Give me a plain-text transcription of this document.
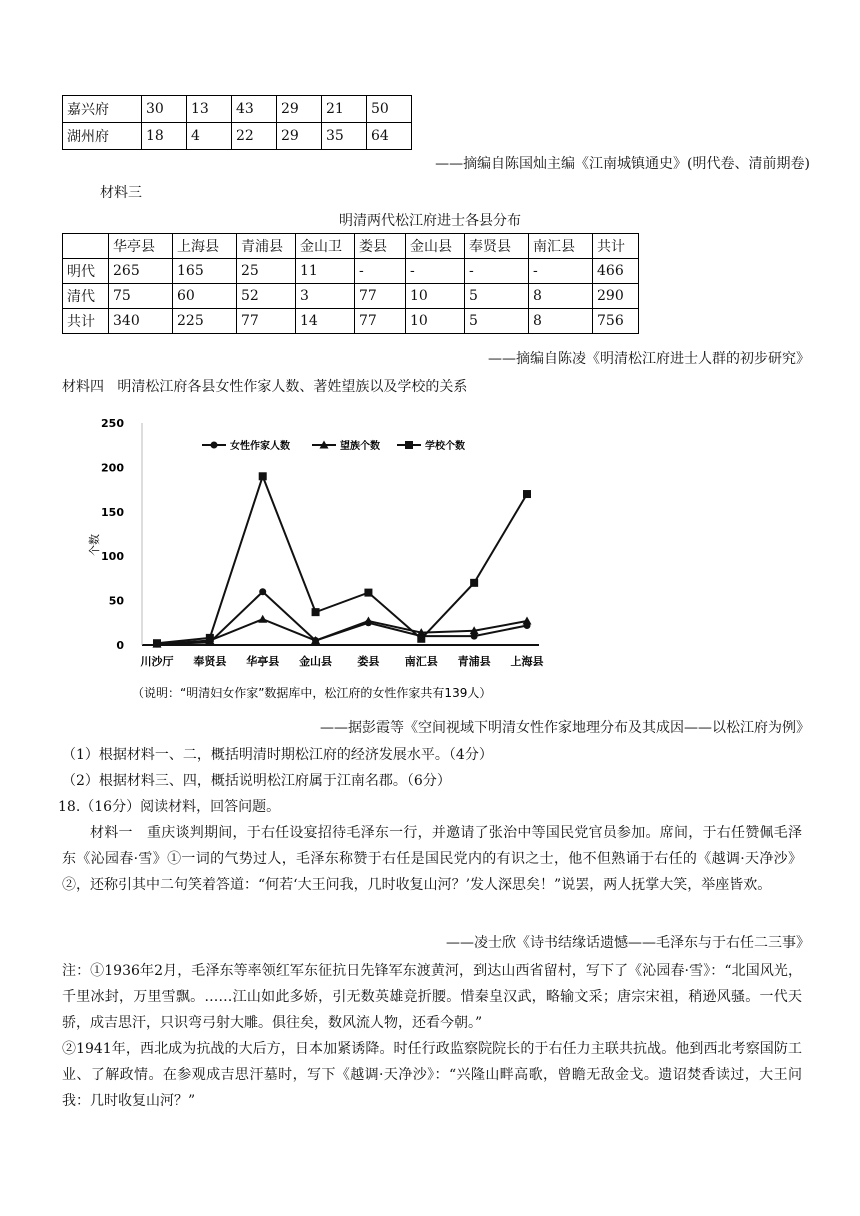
嘉兴府	30	13	43	29	21	50
湖州府	18	4	22	29	35	64
——摘编自陈国灿主编《江南城镇通史》(明代卷、清前期卷)
材料三
明清两代松江府进士各县分布
	华亭县	上海县	青浦县	金山卫	娄县	金山县	奉贤县	南汇县	共计
明代	265	165	25	11	-	-	-	-	466
清代	75	60	52	3	77	10	5	8	290
共计	340	225	77	14	77	10	5	8	756
——摘编自陈凌《明清松江府进士人群的初步研究》
材料四 明清松江府各县女性作家人数、著姓望族以及学校的关系
0
50
100
150
200
250
川沙厅 奉贤县 华亭县 金山县 娄县 南汇县 青浦县 上海县
女性作家人数	望族个数	学校个数
个数
（说明：“明清妇女作家”数据库中，松江府的女性作家共有139人）
——据彭霞等《空间视域下明清女性作家地理分布及其成因——以松江府为例》
（1）根据材料一、二，概括明清时期松江府的经济发展水平。（4分）
（2）根据材料三、四，概括说明松江府属于江南名郡。（6分）
18.（16分）阅读材料，回答问题。
材料一　重庆谈判期间，于右任设宴招待毛泽东一行，并邀请了张治中等国民党官员参加。席间，于右任赞佩毛泽东《沁园春·雪》①一词的气势过人，毛泽东称赞于右任是国民党内的有识之士，他不但熟诵于右任的《越调·天净沙》②，还称引其中二句笑着答道：“何若‘大王问我，几时收复山河？’发人深思矣！”说罢，两人抚掌大笑，举座皆欢。
——凌士欣《诗书结缘话遗憾——毛泽东与于右任二三事》
注：①1936年2月，毛泽东等率领红军东征抗日先锋军东渡黄河，到达山西省留村，写下了《沁园春·雪》：“北国风光，千里冰封，万里雪飘。……江山如此多娇，引无数英雄竞折腰。惜秦皇汉武，略输文采；唐宗宋祖，稍逊风骚。一代天骄，成吉思汗，只识弯弓射大雕。俱往矣，数风流人物，还看今朝。”
②1941年，西北成为抗战的大后方，日本加紧诱降。时任行政监察院院长的于右任力主联共抗战。他到西北考察国防工业、了解政情。在参观成吉思汗墓时，写下《越调·天净沙》：“兴隆山畔高歌，曾瞻无敌金戈。遗诏焚香读过，大王问我：几时收复山河？”
